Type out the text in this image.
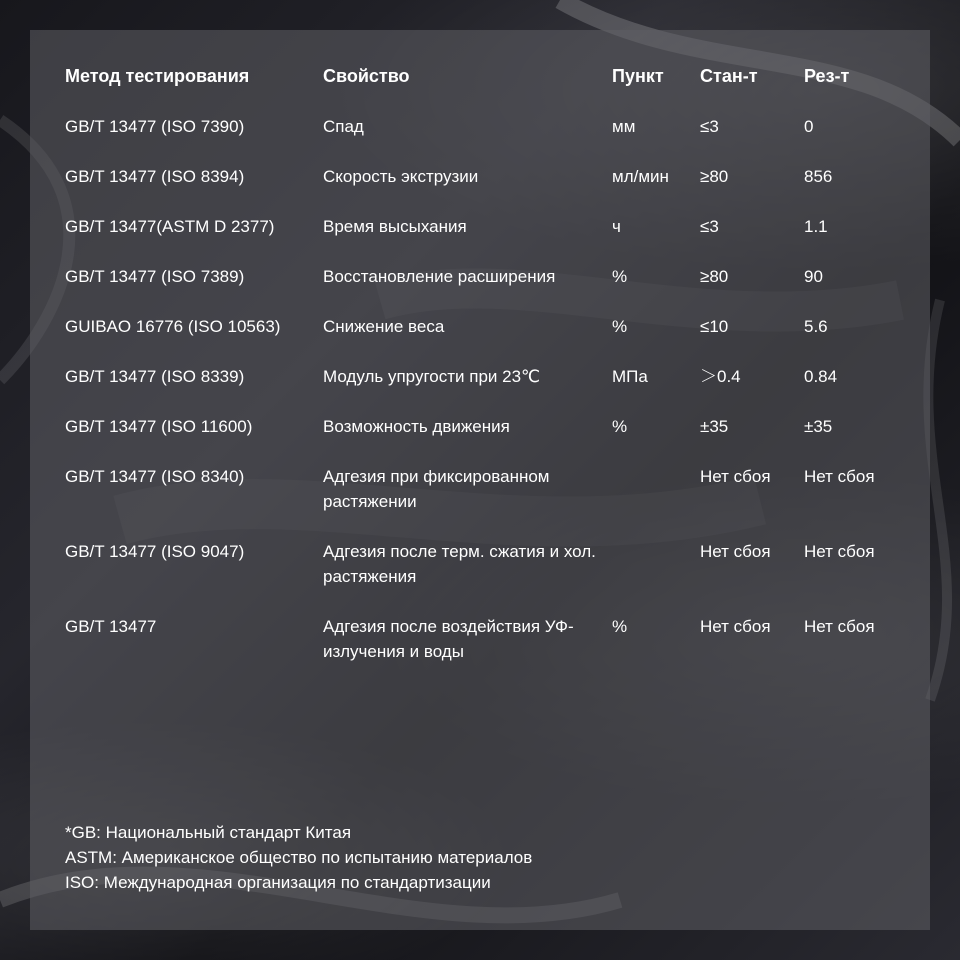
Метод тестирования	Свойство	Пункт	Стан-т	Рез-т
GB/T 13477 (ISO 7390)	Спад	мм	≤3	0
GB/T 13477 (ISO 8394)	Скорость экструзии	мл/мин	≥80	856
GB/T 13477(ASTM D 2377)	Время высыхания	ч	≤3	1.1
GB/T 13477 (ISO 7389)	Восстановление расширения	%	≥80	90
GUIBAO 16776 (ISO 10563)	Снижение веса	%	≤10	5.6
GB/T 13477 (ISO 8339)	Модуль упругости при 23℃	МПа	＞0.4	0.84
GB/T 13477 (ISO 11600)	Возможность движения	%	±35	±35
GB/T 13477 (ISO 8340)	Адгезия при фиксированном растяжении		Нет сбоя	Нет сбоя
GB/T 13477 (ISO 9047)	Адгезия после терм. сжатия и хол. растяжения		Нет сбоя	Нет сбоя
GB/T 13477	Адгезия после воздействия УФ-излучения и воды	%	Нет сбоя	Нет сбоя
*GB: Национальный стандарт Китая
ASTM: Американское общество по испытанию материалов
ISO: Международная организация по стандартизации
